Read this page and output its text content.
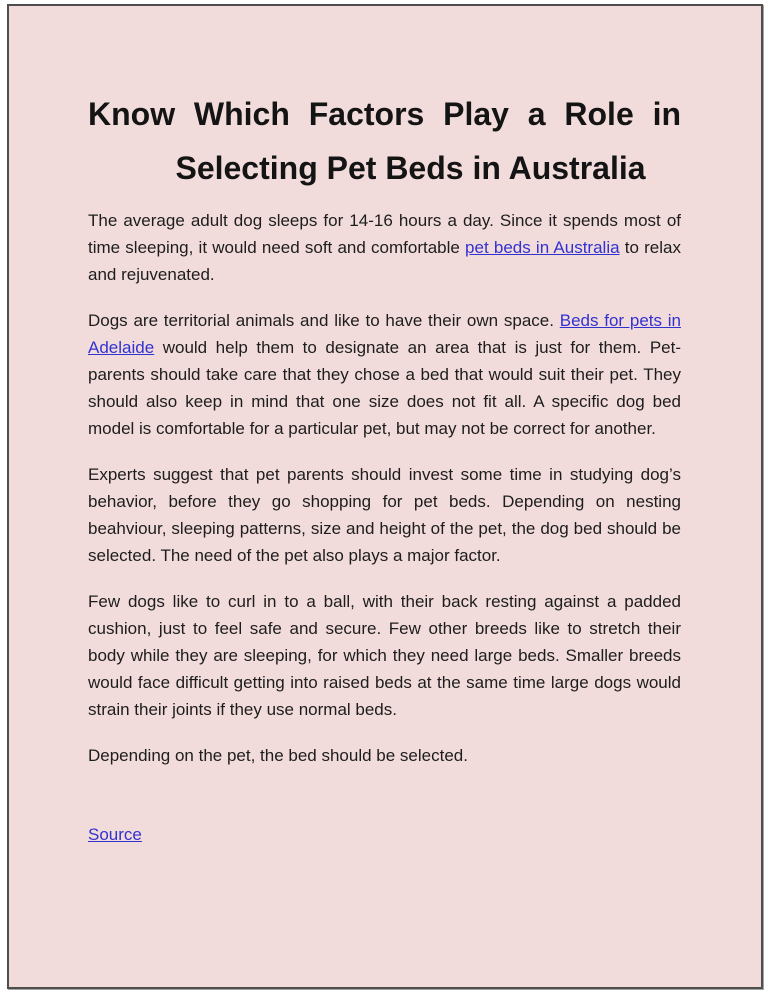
Know Which Factors Play a Role in
Selecting Pet Beds in Australia

The average adult dog sleeps for 14-16 hours a day. Since it spends most of time sleeping, it would need soft and comfortable pet beds in Australia to relax and rejuvenated.

Dogs are territorial animals and like to have their own space. Beds for pets in Adelaide would help them to designate an area that is just for them. Pet-parents should take care that they chose a bed that would suit their pet. They should also keep in mind that one size does not fit all. A specific dog bed model is comfortable for a particular pet, but may not be correct for another.

Experts suggest that pet parents should invest some time in studying dog’s behavior, before they go shopping for pet beds. Depending on nesting beahviour, sleeping patterns, size and height of the pet, the dog bed should be selected. The need of the pet also plays a major factor.

Few dogs like to curl in to a ball, with their back resting against a padded cushion, just to feel safe and secure. Few other breeds like to stretch their body while they are sleeping, for which they need large beds. Smaller breeds would face difficult getting into raised beds at the same time large dogs would strain their joints if they use normal beds.

Depending on the pet, the bed should be selected.

Source
